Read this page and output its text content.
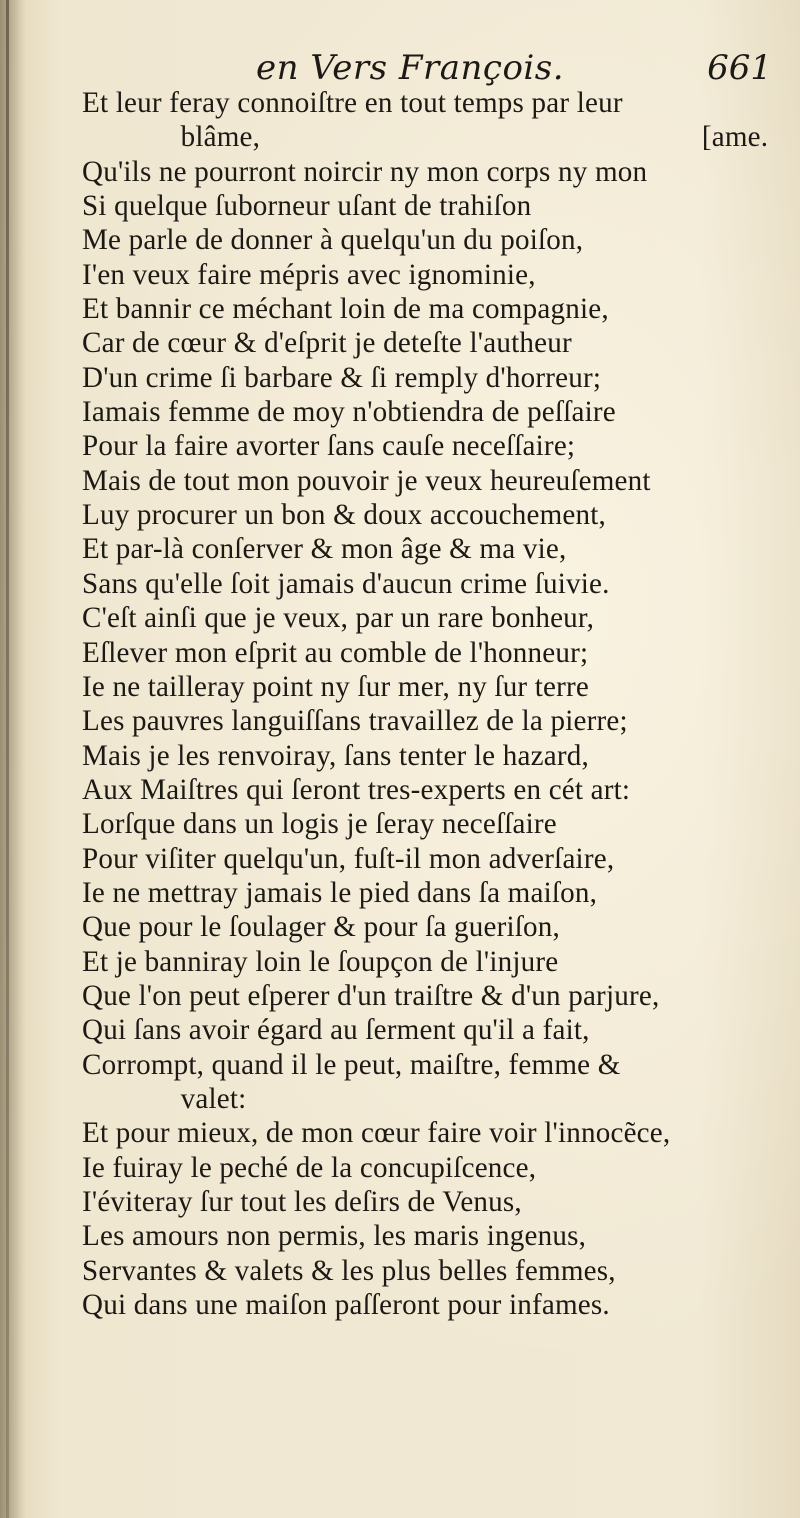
en Vers François.	661
Et leur feray connoiſtre en tout temps par leur
blâme,	[ame.
Qu'ils ne pourront noircir ny mon corps ny mon
Si quelque ſuborneur uſant de trahiſon
Me parle de donner à quelqu'un du poiſon,
I'en veux faire mépris avec ignominie,
Et bannir ce méchant loin de ma compagnie,
Car de cœur & d'eſprit je deteſte l'autheur
D'un crime ſi barbare & ſi remply d'horreur;
Iamais femme de moy n'obtiendra de peſſaire
Pour la faire avorter ſans cauſe neceſſaire;
Mais de tout mon pouvoir je veux heureuſement
Luy procurer un bon & doux accouchement,
Et par-là conſerver & mon âge & ma vie,
Sans qu'elle ſoit jamais d'aucun crime ſuivie.
C'eſt ainſi que je veux, par un rare bonheur,
Eſlever mon eſprit au comble de l'honneur;
Ie ne tailleray point ny ſur mer, ny ſur terre
Les pauvres languiſſans travaillez de la pierre;
Mais je les renvoiray, ſans tenter le hazard,
Aux Maiſtres qui ſeront tres-experts en cét art:
Lorſque dans un logis je ſeray neceſſaire
Pour viſiter quelqu'un, fuſt-il mon adverſaire,
Ie ne mettray jamais le pied dans ſa maiſon,
Que pour le ſoulager & pour ſa gueriſon,
Et je banniray loin le ſoupçon de l'injure
Que l'on peut eſperer d'un traiſtre & d'un parjure,
Qui ſans avoir égard au ſerment qu'il a fait,
Corrompt, quand il le peut, maiſtre, femme &
valet:
Et pour mieux, de mon cœur faire voir l'innocẽce,
Ie fuiray le peché de la concupiſcence,
I'éviteray ſur tout les deſirs de Venus,
Les amours non permis, les maris ingenus,
Servantes & valets & les plus belles femmes,
Qui dans une maiſon paſſeront pour infames.
